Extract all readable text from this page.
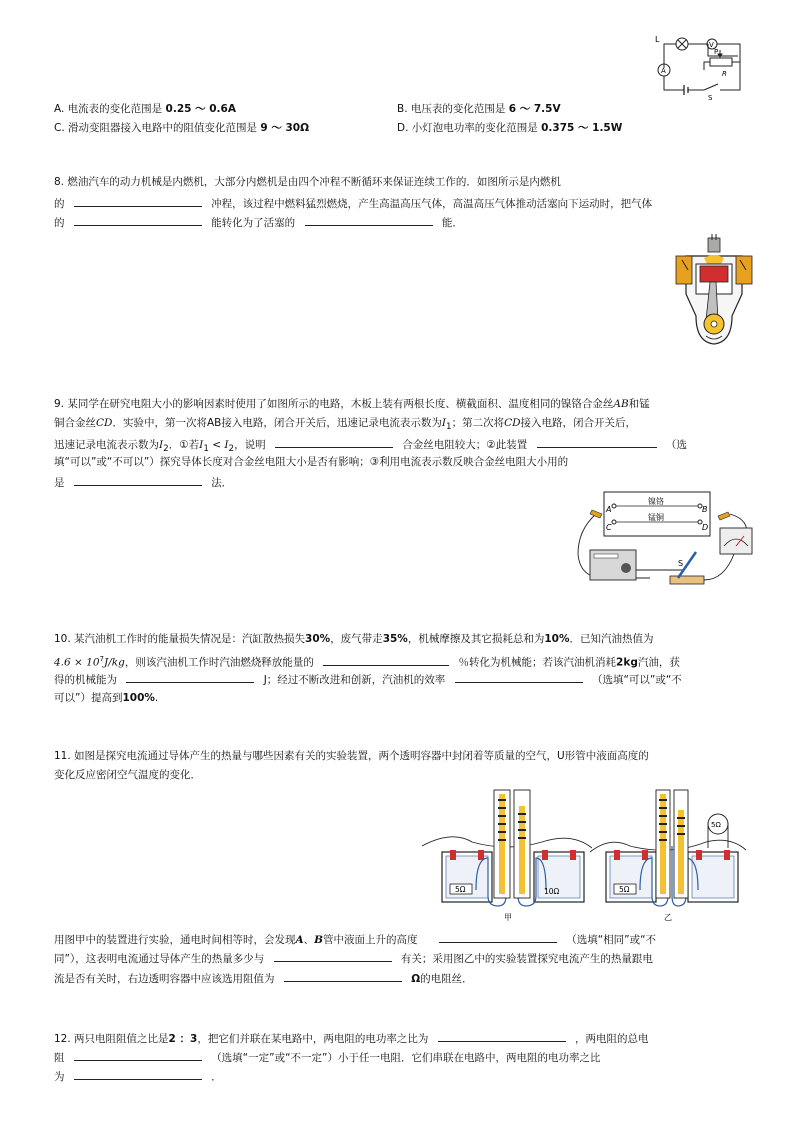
L
V
A
P
R
S
A. 电流表的变化范围是 0.25 ～ 0.6A	B. 电压表的变化范围是 6 ～ 7.5V
C. 滑动变阻器接入电路中的阻值变化范围是 9 ～ 30Ω	D. 小灯泡电功率的变化范围是 0.375 ～ 1.5W
8. 燃油汽车的动力机械是内燃机，大部分内燃机是由四个冲程不断循环来保证连续工作的．如图所示是内燃机
的	冲程，该过程中燃料猛烈燃烧，产生高温高压气体，高温高压气体推动活塞向下运动时，把气体
的	能转化为了活塞的	能．
9. 某同学在研究电阻大小的影响因素时使用了如图所示的电路，木板上装有两根长度、横截面积、温度相同的镍铬合金丝AB和锰
铜合金丝CD．实验中，第一次将AB接入电路，闭合开关后，迅速记录电流表示数为$I_1$；第二次将CD接入电路，闭合开关后，
迅速记录电流表示数为$I_2$．①若$I_1 < I_2$，说明	合金丝电阻较大；②此装置	（选
填“可以”或“不可以”）探究导体长度对合金丝电阻大小是否有影响；③利用电流表示数反映合金丝电阻大小用的
是	法．
A	B
C	D
镍铬
锰铜
S
10. 某汽油机工作时的能量损失情况是：汽缸散热损失30%，废气带走35%，机械摩擦及其它损耗总和为10%．已知汽油热值为
$4.6 \times 10^7J/kg$，则该汽油机工作时汽油燃烧释放能量的	％转化为机械能；若该汽油机消耗2kg汽油，获
得的机械能为	J；经过不断改进和创新，汽油机的效率	（选填“可以”或“不
可以”）提高到100%.
11. 如图是探究电流通过导体产生的热量与哪些因素有关的实验装置，两个透明容器中封闭着等质量的空气，U形管中液面高度的
变化反应密闭空气温度的变化．
5Ω	10Ω
甲
5Ω
5Ω
乙
用图甲中的装置进行实验，通电时间相等时，会发现A、B管中液面上升的高度	（选填“相同”或“不
同”），这表明电流通过导体产生的热量多少与	有关；采用图乙中的实验装置探究电流产生的热量跟电
流是否有关时，右边透明容器中应该选用阻值为	Ω的电阻丝．
12. 两只电阻阻值之比是2 ：3，把它们并联在某电路中，两电阻的电功率之比为	，两电阻的总电
阻	（选填“一定”或“不一定”）小于任一电阻．它们串联在电路中，两电阻的电功率之比
为	．
